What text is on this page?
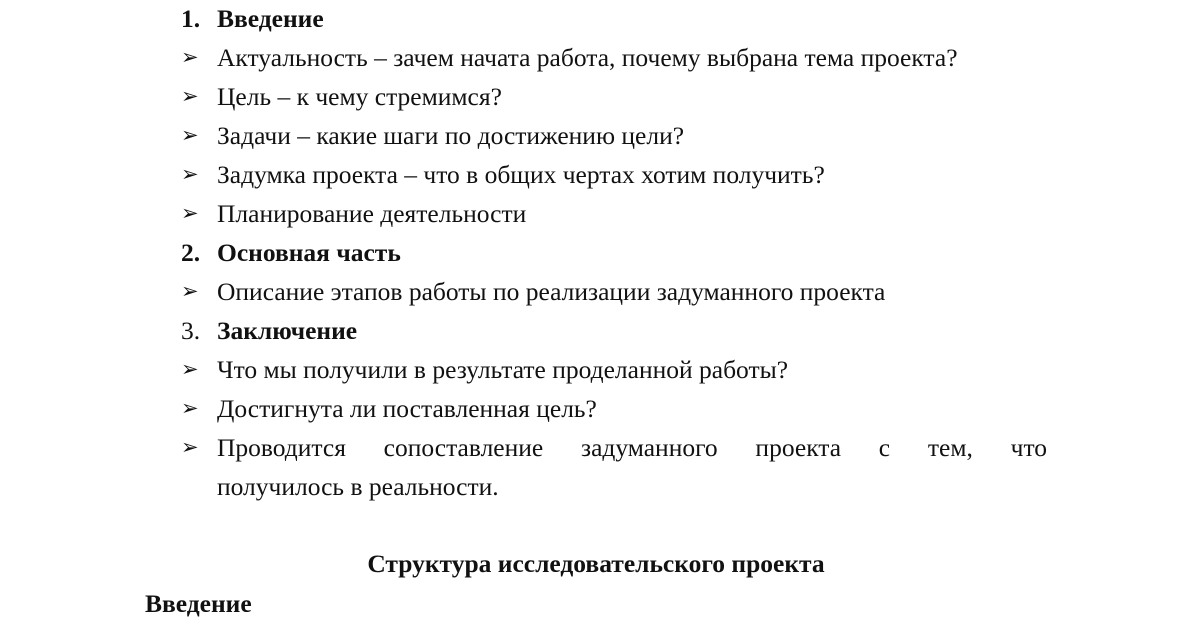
1. Введение
➢ Актуальность – зачем начата работа, почему выбрана тема проекта?
➢ Цель – к чему стремимся?
➢ Задачи – какие шаги по достижению цели?
➢ Задумка проекта – что в общих чертах хотим получить?
➢ Планирование деятельности
2. Основная часть
➢ Описание этапов работы по реализации задуманного проекта
3. Заключение
➢ Что мы получили в результате проделанной работы?
➢ Достигнута ли поставленная цель?
➢ Проводится сопоставление задуманного проекта с тем, что
получилось в реальности.
Структура исследовательского проекта
Введение
